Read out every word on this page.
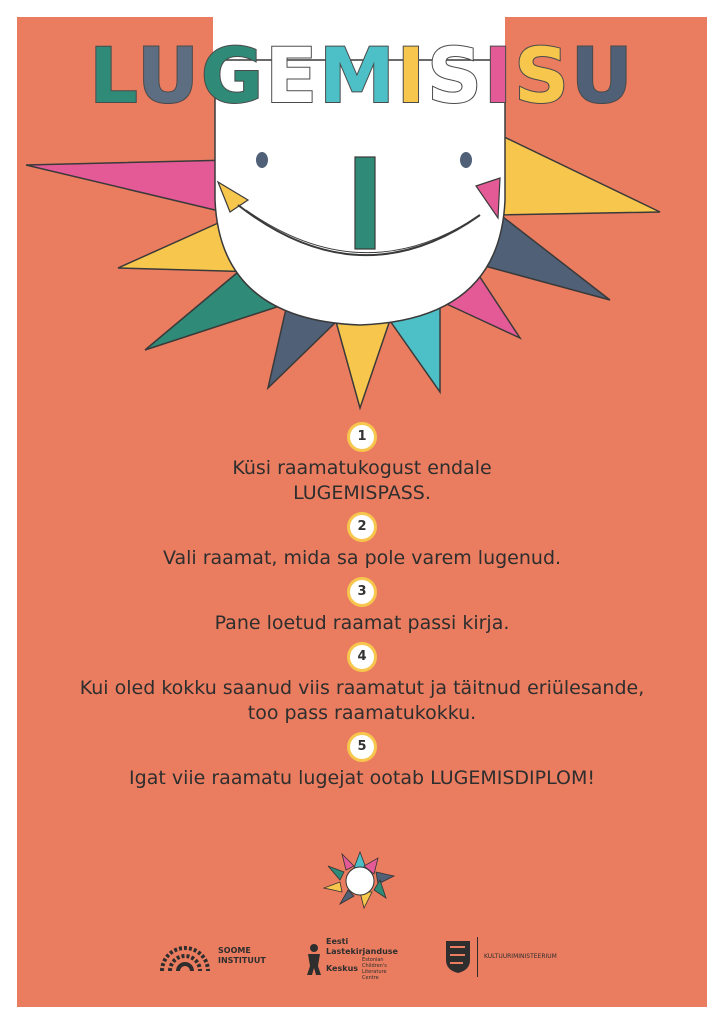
LUGEMISISU
1
Küsi raamatukogust endale
LUGEMISPASS.
2
Vali raamat, mida sa pole varem lugenud.
3
Pane loetud raamat passi kirja.
4
Kui oled kokku saanud viis raamatut ja täitnud eriülesande,
too pass raamatukokku.
5
Igat viie raamatu lugejat ootab LUGEMISDIPLOM!
SOOME
INSTITUUT
Eesti
Lastekirjanduse
Keskus
Estonian Children's Literature Centre
KULTUURIMINISTEERIUM
